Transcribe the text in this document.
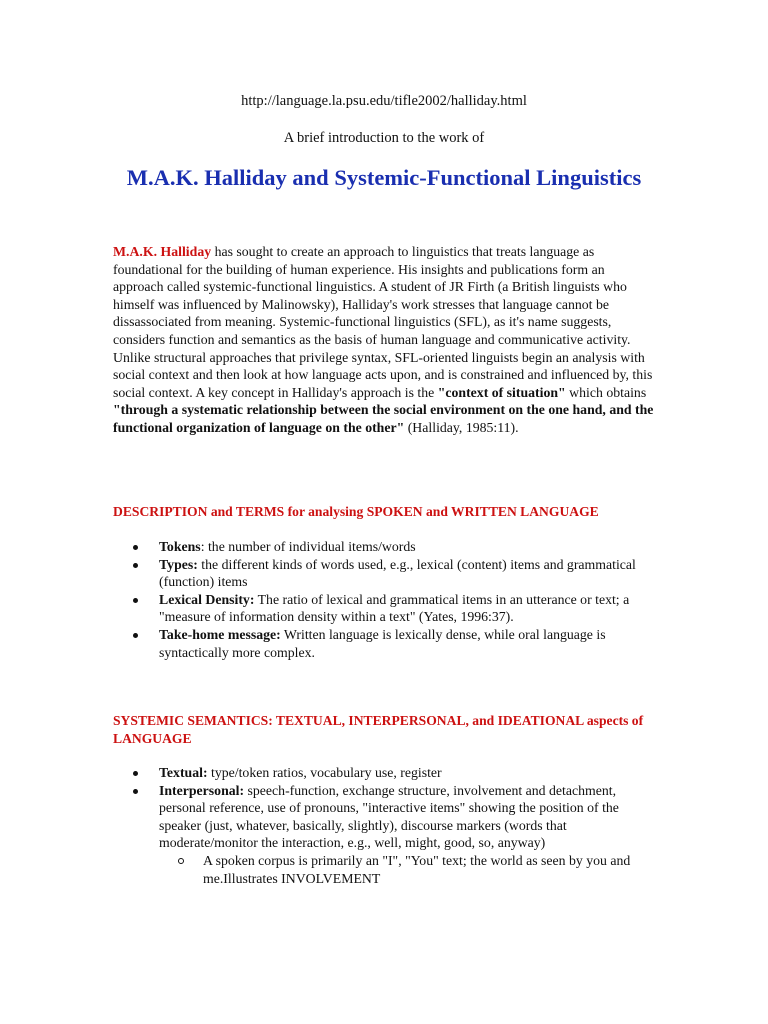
http://language.la.psu.edu/tifle2002/halliday.html
A brief introduction to the work of
M.A.K. Halliday and Systemic-Functional Linguistics
M.A.K. Halliday has sought to create an approach to linguistics that treats language as foundational for the building of human experience. His insights and publications form an approach called systemic-functional linguistics. A student of JR Firth (a British linguists who himself was influenced by Malinowsky), Halliday's work stresses that language cannot be dissassociated from meaning. Systemic-functional linguistics (SFL), as it's name suggests, considers function and semantics as the basis of human language and communicative activity. Unlike structural approaches that privilege syntax, SFL-oriented linguists begin an analysis with social context and then look at how language acts upon, and is constrained and influenced by, this social context. A key concept in Halliday's approach is the "context of situation" which obtains "through a systematic relationship between the social environment on the one hand, and the functional organization of language on the other" (Halliday, 1985:11).
DESCRIPTION and TERMS for analysing SPOKEN and WRITTEN LANGUAGE
Tokens: the number of individual items/words
Types: the different kinds of words used, e.g., lexical (content) items and grammatical (function) items
Lexical Density: The ratio of lexical and grammatical items in an utterance or text; a "measure of information density within a text" (Yates, 1996:37).
Take-home message: Written language is lexically dense, while oral language is syntactically more complex.
SYSTEMIC SEMANTICS: TEXTUAL, INTERPERSONAL, and IDEATIONAL aspects of LANGUAGE
Textual: type/token ratios, vocabulary use, register
Interpersonal: speech-function, exchange structure, involvement and detachment, personal reference, use of pronouns, "interactive items" showing the position of the speaker (just, whatever, basically, slightly), discourse markers (words that moderate/monitor the interaction, e.g., well, might, good, so, anyway)
A spoken corpus is primarily an "I", "You" text; the world as seen by you and me.Illustrates INVOLVEMENT
